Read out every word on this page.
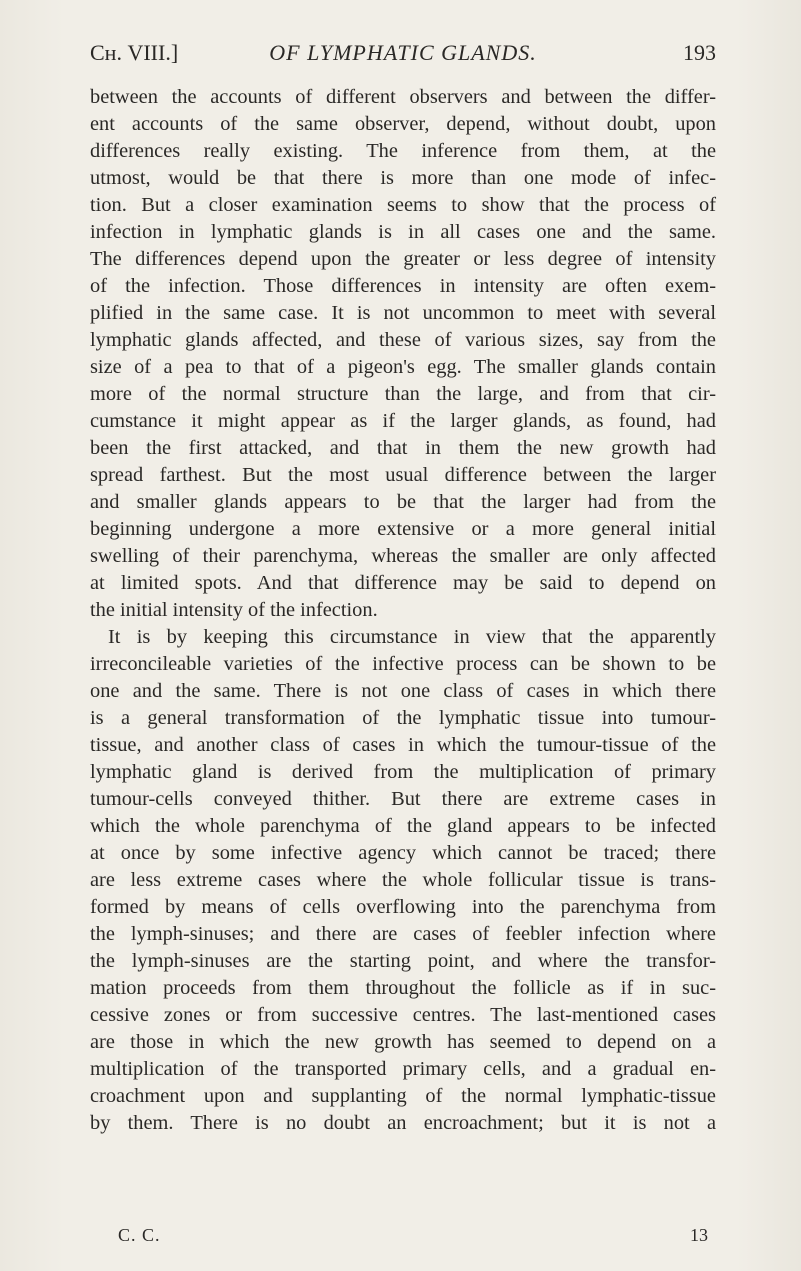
Cн. VIII.]	OF LYMPHATIC GLANDS.	193
between the accounts of different observers and between the differ-
ent accounts of the same observer, depend, without doubt, upon
differences really existing. The inference from them, at the
utmost, would be that there is more than one mode of infec-
tion. But a closer examination seems to show that the process of
infection in lymphatic glands is in all cases one and the same.
The differences depend upon the greater or less degree of intensity
of the infection. Those differences in intensity are often exem-
plified in the same case. It is not uncommon to meet with several
lymphatic glands affected, and these of various sizes, say from the
size of a pea to that of a pigeon's egg. The smaller glands contain
more of the normal structure than the large, and from that cir-
cumstance it might appear as if the larger glands, as found, had
been the first attacked, and that in them the new growth had
spread farthest. But the most usual difference between the larger
and smaller glands appears to be that the larger had from the
beginning undergone a more extensive or a more general initial
swelling of their parenchyma, whereas the smaller are only affected
at limited spots. And that difference may be said to depend on
the initial intensity of the infection.
It is by keeping this circumstance in view that the apparently
irreconcileable varieties of the infective process can be shown to be
one and the same. There is not one class of cases in which there
is a general transformation of the lymphatic tissue into tumour-
tissue, and another class of cases in which the tumour-tissue of the
lymphatic gland is derived from the multiplication of primary
tumour-cells conveyed thither. But there are extreme cases in
which the whole parenchyma of the gland appears to be infected
at once by some infective agency which cannot be traced; there
are less extreme cases where the whole follicular tissue is trans-
formed by means of cells overflowing into the parenchyma from
the lymph-sinuses; and there are cases of feebler infection where
the lymph-sinuses are the starting point, and where the transfor-
mation proceeds from them throughout the follicle as if in suc-
cessive zones or from successive centres. The last-mentioned cases
are those in which the new growth has seemed to depend on a
multiplication of the transported primary cells, and a gradual en-
croachment upon and supplanting of the normal lymphatic-tissue
by them. There is no doubt an encroachment; but it is not a
C. C.	13
